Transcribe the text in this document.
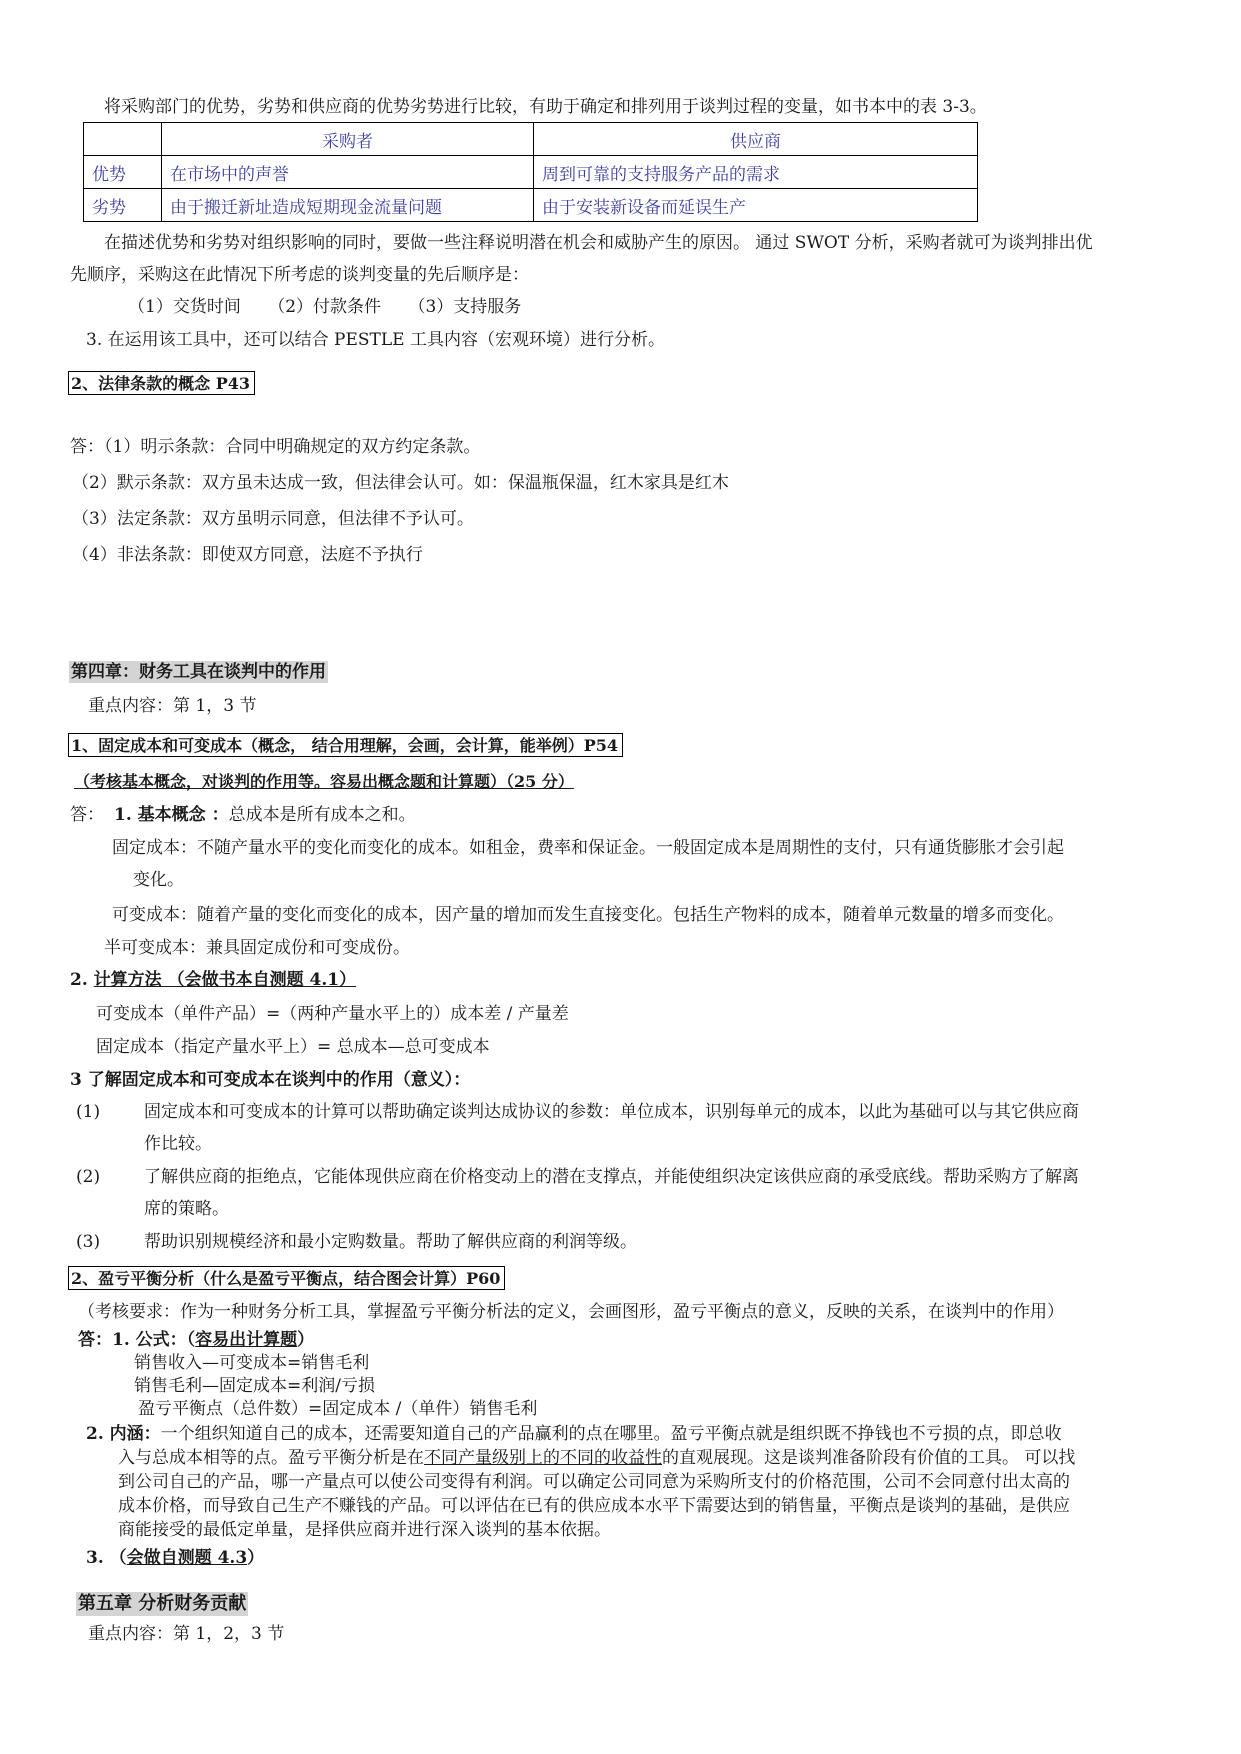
将采购部门的优势，劣势和供应商的优势劣势进行比较，有助于确定和排列用于谈判过程的变量，如书本中的表 3-3。
	采购者	供应商
优势	在市场中的声誉	周到可靠的支持服务产品的需求
劣势	由于搬迁新址造成短期现金流量问题	由于安装新设备而延误生产
在描述优势和劣势对组织影响的同时，要做一些注释说明潜在机会和威胁产生的原因。 通过 SWOT 分析，采购者就可为谈判排出优
先顺序，采购这在此情况下所考虑的谈判变量的先后顺序是：
（1）交货时间 （2）付款条件 （3）支持服务
3. 在运用该工具中，还可以结合 PESTLE 工具内容（宏观环境）进行分析。
2、法律条款的概念 P43
答：（1）明示条款：合同中明确规定的双方约定条款。
（2）默示条款：双方虽未达成一致，但法律会认可。如：保温瓶保温，红木家具是红木
（3）法定条款：双方虽明示同意，但法律不予认可。
（4）非法条款：即使双方同意，法庭不予执行
第四章：财务工具在谈判中的作用
重点内容：第 1，3 节
1、固定成本和可变成本（概念， 结合用理解，会画，会计算，能举例）P54
（考核基本概念，对谈判的作用等。容易出概念题和计算题）（25 分）
答： 1. 基本概念 ：总成本是所有成本之和。
固定成本：不随产量水平的变化而变化的成本。如租金，费率和保证金。一般固定成本是周期性的支付，只有通货膨胀才会引起
变化。
可变成本：随着产量的变化而变化的成本，因产量的增加而发生直接变化。包括生产物料的成本，随着单元数量的增多而变化。
半可变成本：兼具固定成份和可变成份。
2. 计算方法 （会做书本自测题 4.1）
可变成本（单件产品）=（两种产量水平上的）成本差 / 产量差
固定成本（指定产量水平上）= 总成本—总可变成本
3 了解固定成本和可变成本在谈判中的作用（意义）：
(1)	固定成本和可变成本的计算可以帮助确定谈判达成协议的参数：单位成本，识别每单元的成本，以此为基础可以与其它供应商
作比较。
(2)	了解供应商的拒绝点，它能体现供应商在价格变动上的潜在支撑点，并能使组织决定该供应商的承受底线。帮助采购方了解离
席的策略。
(3)	帮助识别规模经济和最小定购数量。帮助了解供应商的利润等级。
2、盈亏平衡分析（什么是盈亏平衡点，结合图会计算）P60
（考核要求：作为一种财务分析工具，掌握盈亏平衡分析法的定义，会画图形，盈亏平衡点的意义，反映的关系，在谈判中的作用）
答：1. 公式：（容易出计算题）
销售收入—可变成本=销售毛利
销售毛利—固定成本=利润/亏损
盈亏平衡点（总件数）=固定成本 /（单件）销售毛利
2. 内涵：一个组织知道自己的成本，还需要知道自己的产品赢利的点在哪里。盈亏平衡点就是组织既不挣钱也不亏损的点，即总收
入与总成本相等的点。盈亏平衡分析是在不同产量级别上的不同的收益性的直观展现。这是谈判准备阶段有价值的工具。 可以找
到公司自己的产品，哪一产量点可以使公司变得有利润。可以确定公司同意为采购所支付的价格范围，公司不会同意付出太高的
成本价格，而导致自己生产不赚钱的产品。可以评估在已有的供应成本水平下需要达到的销售量，平衡点是谈判的基础，是供应
商能接受的最低定单量，是择供应商并进行深入谈判的基本依据。
3. （会做自测题 4.3）
第五章 分析财务贡献
重点内容：第 1，2，3 节
